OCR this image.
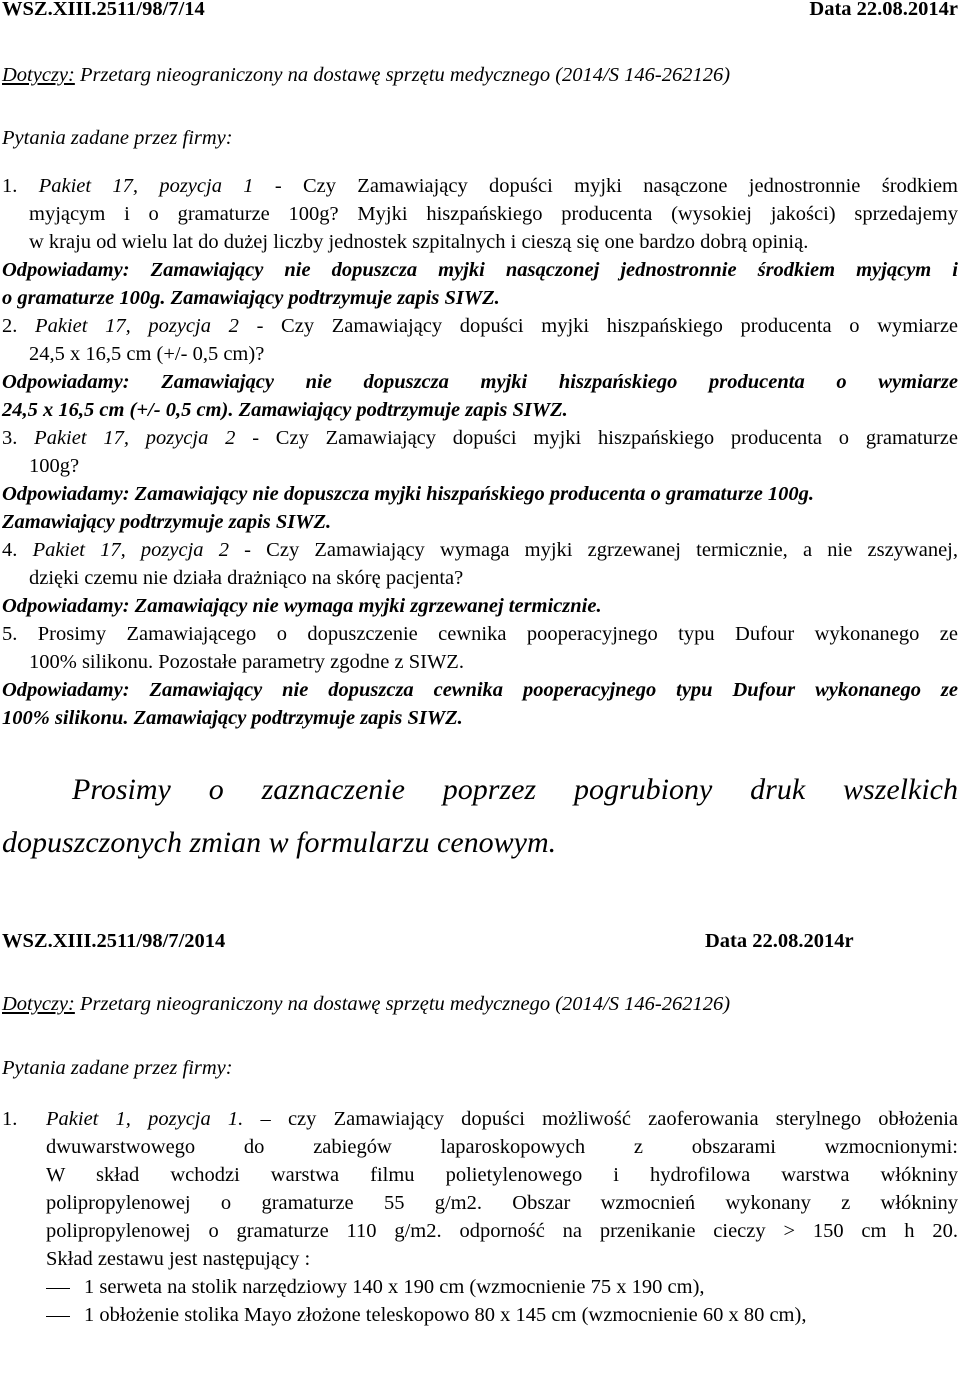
WSZ.XIII.2511/98/7/14	Data 22.08.2014r
Dotyczy: Przetarg nieograniczony na dostawę sprzętu medycznego (2014/S 146-262126)
Pytania zadane przez firmy:
1. Pakiet 17, pozycja 1 - Czy Zamawiający dopuści myjki nasączone jednostronnie środkiem
myjącym i o gramaturze 100g? Myjki hiszpańskiego producenta (wysokiej jakości) sprzedajemy
w kraju od wielu lat do dużej liczby jednostek szpitalnych i cieszą się one bardzo dobrą opinią.
Odpowiadamy: Zamawiający nie dopuszcza myjki nasączonej jednostronnie środkiem myjącym i
o gramaturze 100g. Zamawiający podtrzymuje zapis SIWZ.
2. Pakiet 17, pozycja 2 - Czy Zamawiający dopuści myjki hiszpańskiego producenta o wymiarze
24,5 x 16,5 cm (+/- 0,5 cm)?
Odpowiadamy: Zamawiający nie dopuszcza myjki hiszpańskiego producenta o wymiarze
24,5 x 16,5 cm (+/- 0,5 cm). Zamawiający podtrzymuje zapis SIWZ.
3. Pakiet 17, pozycja 2 - Czy Zamawiający dopuści myjki hiszpańskiego producenta o gramaturze
100g?
Odpowiadamy: Zamawiający nie dopuszcza myjki hiszpańskiego producenta o gramaturze 100g.
Zamawiający podtrzymuje zapis SIWZ.
4. Pakiet 17, pozycja 2 - Czy Zamawiający wymaga myjki zgrzewanej termicznie, a nie zszywanej,
dzięki czemu nie działa drażniąco na skórę pacjenta?
Odpowiadamy: Zamawiający nie wymaga myjki zgrzewanej termicznie.
5. Prosimy Zamawiającego o dopuszczenie cewnika pooperacyjnego typu Dufour wykonanego ze
100% silikonu. Pozostałe parametry zgodne z SIWZ.
Odpowiadamy: Zamawiający nie dopuszcza cewnika pooperacyjnego typu Dufour wykonanego ze
100% silikonu. Zamawiający podtrzymuje zapis SIWZ.
Prosimy o zaznaczenie poprzez pogrubiony druk wszelkich
dopuszczonych zmian w formularzu cenowym.
WSZ.XIII.2511/98/7/2014	Data 22.08.2014r
Dotyczy: Przetarg nieograniczony na dostawę sprzętu medycznego (2014/S 146-262126)
Pytania zadane przez firmy:
1.	Pakiet 1, pozycja 1. – czy Zamawiający dopuści możliwość zaoferowania sterylnego obłożenia
dwuwarstwowego do zabiegów laparoskopowych z obszarami wzmocnionymi:
W skład wchodzi warstwa filmu polietylenowego i hydrofilowa warstwa włókniny
polipropylenowej o gramaturze 55 g/m2. Obszar wzmocnień wykonany z włókniny
polipropylenowej o gramaturze 110 g/m2. odporność na przenikanie cieczy > 150 cm h 20.
Skład zestawu jest następujący :
1 serweta na stolik narzędziowy 140 x 190 cm (wzmocnienie 75 x 190 cm),
1 obłożenie stolika Mayo złożone teleskopowo 80 x 145 cm (wzmocnienie 60 x 80 cm),
